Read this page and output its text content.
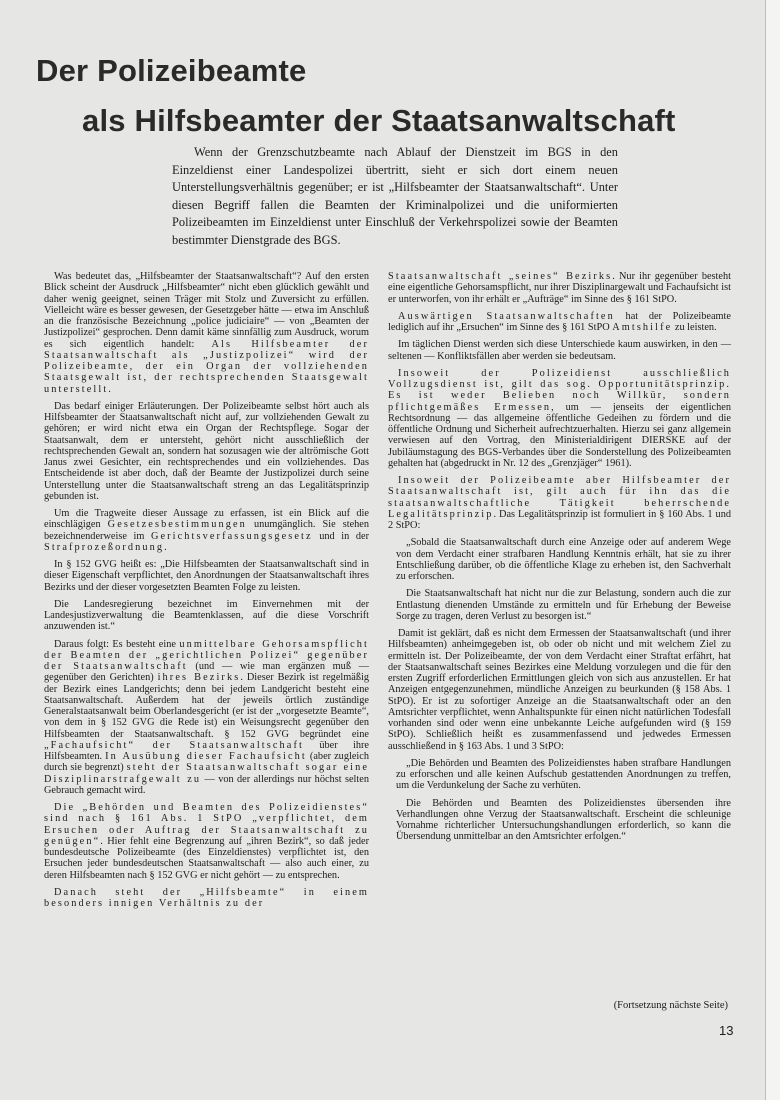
Der Polizeibeamte
als Hilfsbeamter der Staatsanwaltschaft
Wenn der Grenzschutzbeamte nach Ablauf der Dienstzeit im BGS in den Einzeldienst einer Landespolizei übertritt, sieht er sich dort einem neuen Unterstellungsverhältnis gegenüber; er ist „Hilfsbeamter der Staatsanwaltschaft“. Unter diesen Begriff fallen die Beamten der Kriminalpolizei und die uniformierten Polizeibeamten im Einzeldienst unter Einschluß der Verkehrspolizei sowie der Beamten bestimmter Dienstgrade des BGS.

Was bedeutet das, „Hilfsbeamter der Staatsanwaltschaft“? Auf den ersten Blick scheint der Ausdruck „Hilfsbeamter“ nicht eben glücklich gewählt und daher wenig geeignet, seinen Träger mit Stolz und Zuversicht zu erfüllen. Vielleicht wäre es besser gewesen, der Gesetzgeber hätte — etwa im Anschluß an die französische Bezeichnung „police judiciaire“ — von „Beamten der Justizpolizei“ gesprochen. Denn damit käme sinnfällig zum Ausdruck, worum es sich eigentlich handelt: Als Hilfsbeamter der Staatsanwaltschaft als „Justizpolizei“ wird der Polizeibeamte, der ein Organ der vollziehenden Staatsgewalt ist, der rechtsprechenden Staatsgewalt unterstellt.

Das bedarf einiger Erläuterungen. Der Polizeibeamte selbst hört auch als Hilfsbeamter der Staatsanwaltschaft nicht auf, zur vollziehenden Gewalt zu gehören; er wird nicht etwa ein Organ der Rechtspflege. Sogar der Staatsanwalt, dem er untersteht, gehört nicht ausschließlich der rechtsprechenden Gewalt an, sondern hat sozusagen wie der altrömische Gott Janus zwei Gesichter, ein rechtsprechendes und ein vollziehendes. Das Entscheidende ist aber doch, daß der Beamte der Justizpolizei durch seine Unterstellung unter die Staatsanwaltschaft streng an das Legalitätsprinzip gebunden ist.

Um die Tragweite dieser Aussage zu erfassen, ist ein Blick auf die einschlägigen Gesetzesbestimmungen unumgänglich. Sie stehen bezeichnenderweise im Gerichtsverfassungsgesetz und in der Strafprozeßordnung.

In § 152 GVG heißt es: „Die Hilfsbeamten der Staatsanwaltschaft sind in dieser Eigenschaft verpflichtet, den Anordnungen der Staatsanwaltschaft ihres Bezirks und der dieser vorgesetzten Beamten Folge zu leisten.

Die Landesregierung bezeichnet im Einvernehmen mit der Landesjustizverwaltung die Beamtenklassen, auf die diese Vorschrift anzuwenden ist.“

Daraus folgt: Es besteht eine unmittelbare Gehorsamspflicht der Beamten der „gerichtlichen Polizei“ gegenüber der Staatsanwaltschaft (und — wie man ergänzen muß — gegenüber den Gerichten) ihres Bezirks. Dieser Bezirk ist regelmäßig der Bezirk eines Landgerichts; denn bei jedem Landgericht besteht eine Staatsanwaltschaft. Außerdem hat der jeweils örtlich zuständige Generalstaatsanwalt beim Oberlandesgericht (er ist der „vorgesetzte Beamte“, von dem in § 152 GVG die Rede ist) ein Weisungsrecht gegenüber den Hilfsbeamten der Staatsanwaltschaft. § 152 GVG begründet eine „Fachaufsicht“ der Staatsanwaltschaft über ihre Hilfsbeamten. In Ausübung dieser Fachaufsicht (aber zugleich durch sie begrenzt) steht der Staatsanwaltschaft sogar eine Disziplinarstrafgewalt zu — von der allerdings nur höchst selten Gebrauch gemacht wird.

Die „Behörden und Beamten des Polizeidienstes“ sind nach § 161 Abs. 1 StPO „verpflichtet, dem Ersuchen oder Auftrag der Staatsanwaltschaft zu genügen“. Hier fehlt eine Begrenzung auf „ihren Bezirk“, so daß jeder bundesdeutsche Polizeibeamte (des Einzeldienstes) verpflichtet ist, den Ersuchen jeder bundesdeutschen Staatsanwaltschaft — also auch einer, zu deren Hilfsbeamten nach § 152 GVG er nicht gehört — zu entsprechen.

Danach steht der „Hilfsbeamte“ in einem besonders innigen Verhältnis zu der

Staatsanwaltschaft „seines“ Bezirks. Nur ihr gegenüber besteht eine eigentliche Gehorsamspflicht, nur ihrer Disziplinargewalt und Fachaufsicht ist er unterworfen, von ihr erhält er „Aufträge“ im Sinne des § 161 StPO.

Auswärtigen Staatsanwaltschaften hat der Polizeibeamte lediglich auf ihr „Ersuchen“ im Sinne des § 161 StPO Amtshilfe zu leisten.

Im täglichen Dienst werden sich diese Unterschiede kaum auswirken, in den — seltenen — Konfliktsfällen aber werden sie bedeutsam.

Insoweit der Polizeidienst ausschließlich Vollzugsdienst ist, gilt das sog. Opportunitätsprinzip. Es ist weder Belieben noch Willkür, sondern pflichtgemäßes Ermessen, um — jenseits der eigentlichen Rechtsordnung — das allgemeine öffentliche Gedeihen zu fördern und die öffentliche Ordnung und Sicherheit aufrechtzuerhalten. Hierzu sei ganz allgemein verwiesen auf den Vortrag, den Ministerialdirigent DIERSKE auf der Jubiläumstagung des BGS-Verbandes über die Sonderstellung des Polizeibeamten gehalten hat (abgedruckt in Nr. 12 des „Grenzjäger“ 1961).

Insoweit der Polizeibeamte aber Hilfsbeamter der Staatsanwaltschaft ist, gilt auch für ihn das die staatsanwaltschaftliche Tätigkeit beherrschende Legalitätsprinzip. Das Legalitätsprinzip ist formuliert in § 160 Abs. 1 und 2 StPO:

„Sobald die Staatsanwaltschaft durch eine Anzeige oder auf anderem Wege von dem Verdacht einer strafbaren Handlung Kenntnis erhält, hat sie zu ihrer Entschließung darüber, ob die öffentliche Klage zu erheben ist, den Sachverhalt zu erforschen.

Die Staatsanwaltschaft hat nicht nur die zur Belastung, sondern auch die zur Entlastung dienenden Umstände zu ermitteln und für Erhebung der Beweise Sorge zu tragen, deren Verlust zu besorgen ist.“

Damit ist geklärt, daß es nicht dem Ermessen der Staatsanwaltschaft (und ihrer Hilfsbeamten) anheimgegeben ist, ob oder ob nicht und mit welchem Ziel zu ermitteln ist. Der Polizeibeamte, der von dem Verdacht einer Straftat erfährt, hat der Staatsanwaltschaft seines Bezirkes eine Meldung vorzulegen und die für den ersten Zugriff erforderlichen Ermittlungen gleich von sich aus anzustellen. Er hat Anzeigen entgegenzunehmen, mündliche Anzeigen zu beurkunden (§ 158 Abs. 1 StPO). Er ist zu sofortiger Anzeige an die Staatsanwaltschaft oder an den Amtsrichter verpflichtet, wenn Anhaltspunkte für einen nicht natürlichen Todesfall vorhanden sind oder wenn eine unbekannte Leiche aufgefunden wird (§ 159 StPO). Schließlich heißt es zusammenfassend und jedwedes Ermessen ausschließend in § 163 Abs. 1 und 3 StPO:

„Die Behörden und Beamten des Polizeidienstes haben strafbare Handlungen zu erforschen und alle keinen Aufschub gestattenden Anordnungen zu treffen, um die Verdunkelung der Sache zu verhüten.

Die Behörden und Beamten des Polizeidienstes übersenden ihre Verhandlungen ohne Verzug der Staatsanwaltschaft. Erscheint die schleunige Vornahme richterlicher Untersuchungshandlungen erforderlich, so kann die Übersendung unmittelbar an den Amtsrichter erfolgen.“

(Fortsetzung nächste Seite)
13
